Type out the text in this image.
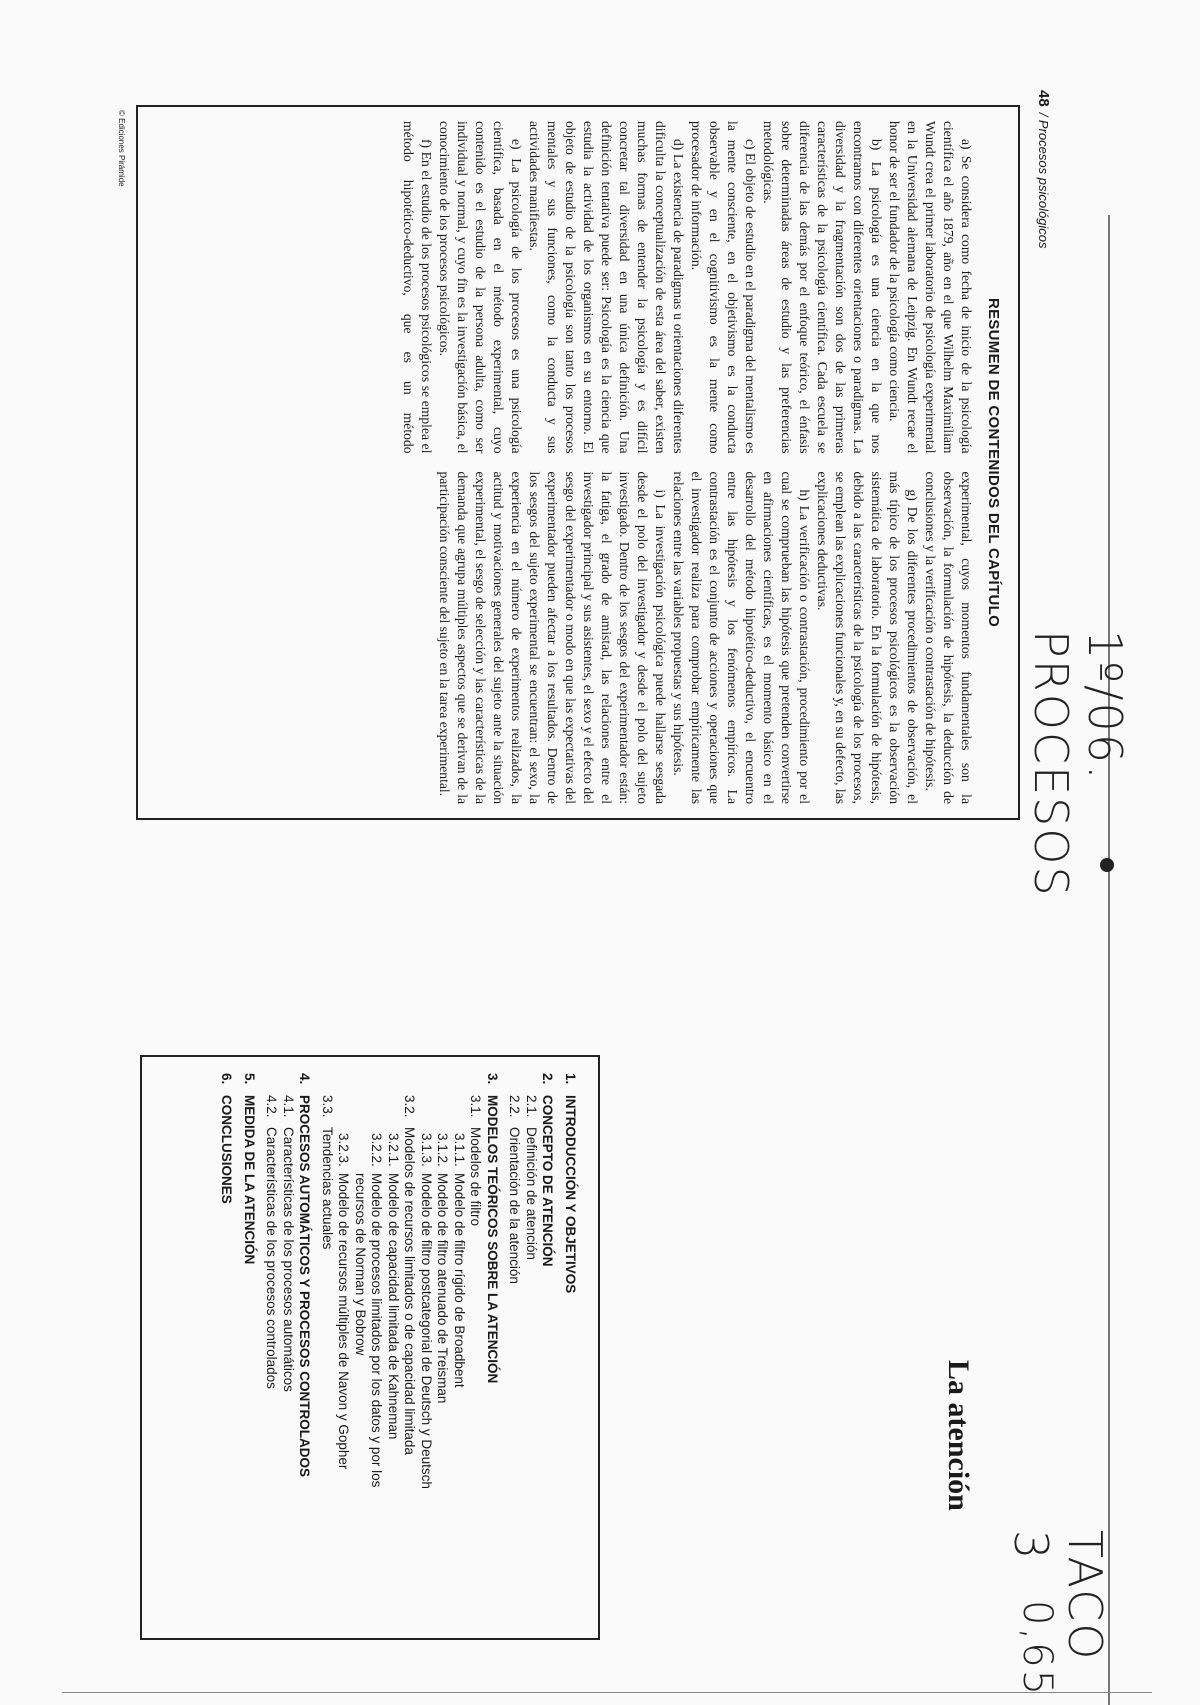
48/ Procesos psicológicos
RESUMEN DE CONTENIDOS DEL CAPÍTULO

a) Se considera como fecha de inicio de la psicología científica el año 1879, año en el que Wilhelm Maximiliam Wundt crea el primer laboratorio de psicología experimental en la Universidad alemana de Leipzig. En Wundt recae el honor de ser el fundador de la psicología como ciencia.

b) La psicología es una ciencia en la que nos encontramos con diferentes orientaciones o paradigmas. La diversidad y la fragmentación son dos de las primeras características de la psicología científica. Cada escuela se diferencia de las demás por el enfoque teórico, el énfasis sobre determinadas áreas de estudio y las preferencias metodológicas.

c) El objeto de estudio en el paradigma del mentalismo es la mente consciente, en el objetivismo es la conducta observable y en el cognitivismo es la mente como procesador de información.

d) La existencia de paradigmas u orientaciones diferentes dificulta la conceptualización de esta área del saber, existen muchas formas de entender la psicología y es difícil concretar tal diversidad en una única definición. Una definición tentativa puede ser: Psicología es la ciencia que estudia la actividad de los organismos en su entorno. El objeto de estudio de la psicología son tanto los procesos mentales y sus funciones, como la conducta y sus actividades manifiestas.

e) La psicología de los procesos es una psicología científica, basada en el método experimental, cuyo contenido es el estudio de la persona adulta, como ser individual y normal, y cuyo fin es la investigación básica, el conocimiento de los procesos psicológicos.

f) En el estudio de los procesos psicológicos se emplea el método hipotético-deductivo, que es un método experimental, cuyos momentos fundamentales son la observación, la formulación de hipótesis, la deducción de conclusiones y la verificación o contrastación de hipótesis.

g) De los diferentes procedimientos de observación, el más típico de los procesos psicológicos es la observación sistemática de laboratorio. En la formulación de hipótesis, debido a las características de la psicología de los procesos, se emplean las explicaciones funcionales y, en su defecto, las explicaciones deductivas.

h) La verificación o contrastación, procedimiento por el cual se comprueban las hipótesis que pretenden convertirse en afirmaciones científicas, es el momento básico en el desarrollo del método hipotético-deductivo, el encuentro entre las hipótesis y los fenómenos empíricos. La contrastación es el conjunto de acciones y operaciones que el investigador realiza para comprobar empíricamente las relaciones entre las variables propuestas y sus hipótesis.

i) La investigación psicológica puede hallarse sesgada desde el polo del investigador y desde el polo del sujeto investigado. Dentro de los sesgos del experimentador están: la fatiga, el grado de amistad, las relaciones entre el investigador principal y sus asistentes, el sexo y el efecto del sesgo del experimentador o modo en que las expectativas del experimentador pueden afectar a los resultados. Dentro de los sesgos del sujeto experimental se encuentran: el sexo, la experiencia en el número de experimentos realizados, la actitud y motivaciones generales del sujeto ante la situación experimental, el sesgo de selección y las características de la demanda que agrupa múltiples aspectos que se derivan de la participación consciente del sujeto en la tarea experimental.

© Ediciones Pirámide
1º/06. PROCESOS
TACO 3
0,65
La atención
1.
INTRODUCCIÓN Y OBJETIVOS
2.
CONCEPTO DE ATENCIÓN
2.1.
Definición de atención
2.2.
Orientación de la atención
3.
MODELOS TEÓRICOS SOBRE LA ATENCIÓN
3.1.
Modelos de filtro
3.1.1.
Modelo de filtro rígido de Broadbent
3.1.2.
Modelo de filtro atenuado de Treisman
3.1.3.
Modelo de filtro postcategorial de Deutsch y Deutsch
3.2.
Modelos de recursos limitados o de capacidad limitada
3.2.1.
Modelo de capacidad limitada de Kahneman
3.2.2.
Modelo de procesos limitados por los datos y por los
recursos de Norman y Bobrow
3.2.3.
Modelo de recursos múltiples de Navon y Gopher
3.3.
Tendencias actuales
4.
PROCESOS AUTOMÁTICOS Y PROCESOS CONTROLADOS
4.1.
Características de los procesos automáticos
4.2.
Características de los procesos controlados
5.
MEDIDA DE LA ATENCIÓN
6.
CONCLUSIONES
